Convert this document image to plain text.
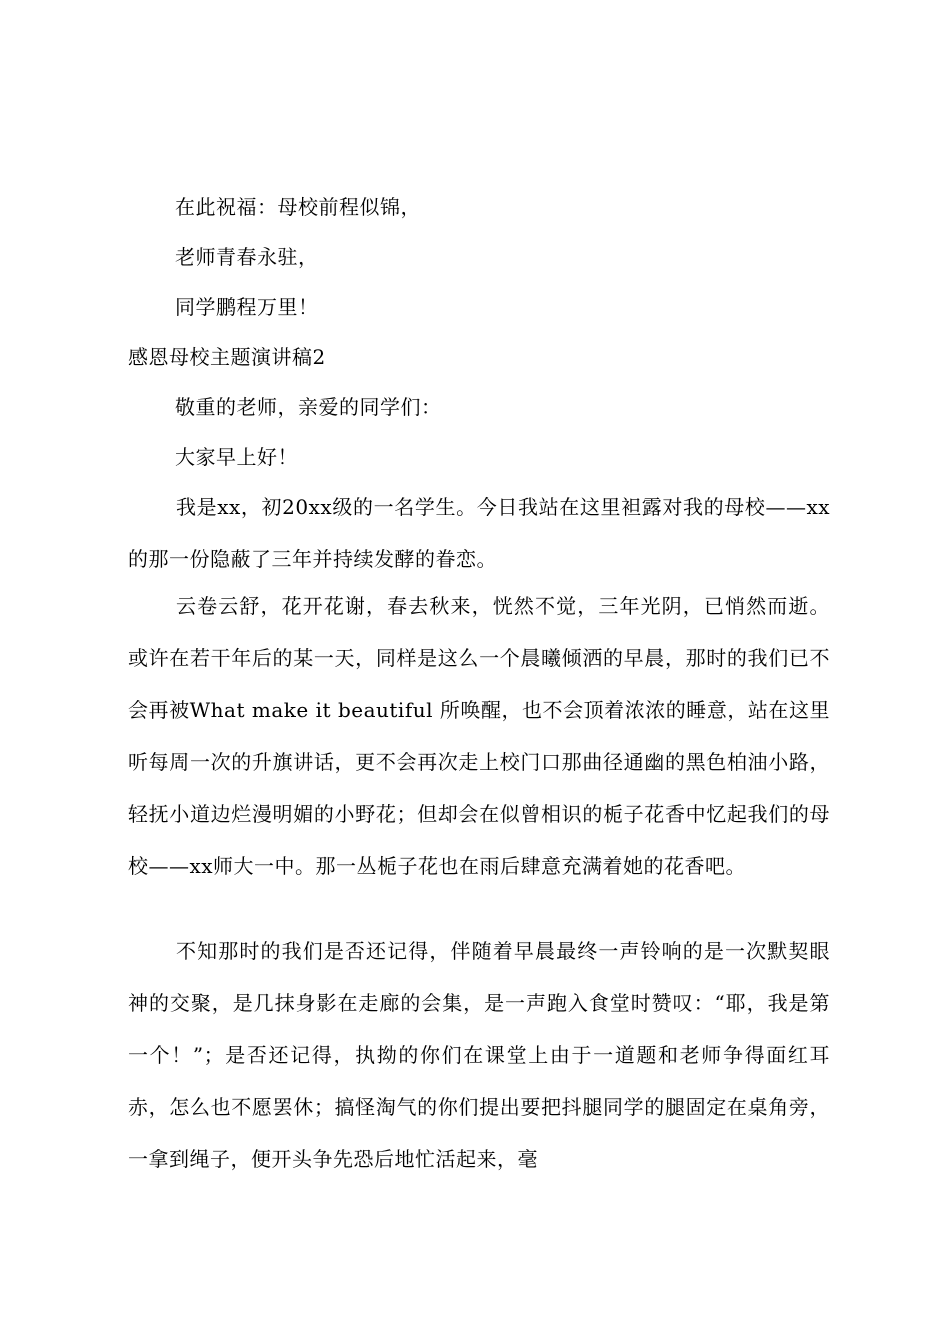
在此祝福：母校前程似锦，
老师青春永驻，
同学鹏程万里！
感恩母校主题演讲稿2
敬重的老师，亲爱的同学们：
大家早上好！
我是xx，初20xx级的一名学生。今日我站在这里袒露对我的母校——xx的那一份隐蔽了三年并持续发酵的眷恋。
云卷云舒，花开花谢，春去秋来，恍然不觉，三年光阴，已悄然而逝。或许在若干年后的某一天，同样是这么一个晨曦倾洒的早晨，那时的我们已不会再被What make it beautiful 所唤醒，也不会顶着浓浓的睡意，站在这里听每周一次的升旗讲话，更不会再次走上校门口那曲径通幽的黑色柏油小路，轻抚小道边烂漫明媚的小野花；但却会在似曾相识的栀子花香中忆起我们的母校——xx师大一中。那一丛栀子花也在雨后肆意充满着她的花香吧。
不知那时的我们是否还记得，伴随着早晨最终一声铃响的是一次默契眼神的交聚，是几抹身影在走廊的会集，是一声跑入食堂时赞叹：“耶，我是第一个！”；是否还记得，执拗的你们在课堂上由于一道题和老师争得面红耳赤，怎么也不愿罢休；搞怪淘气的你们提出要把抖腿同学的腿固定在桌角旁，一拿到绳子，便开头争先恐后地忙活起来，毫
